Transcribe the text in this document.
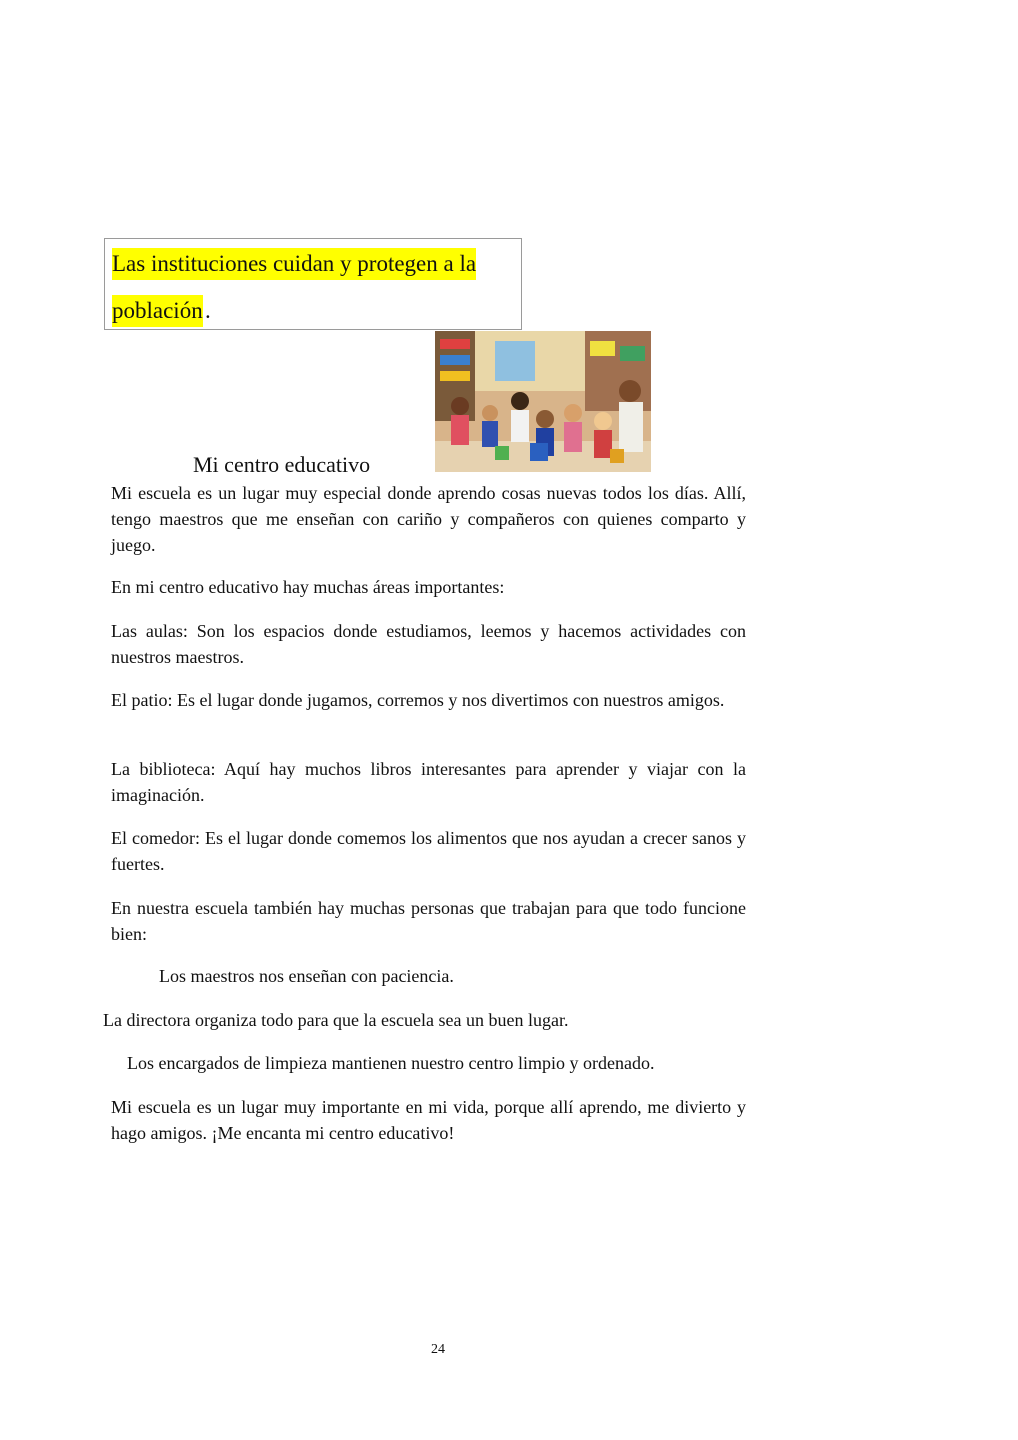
Las instituciones cuidan y protegen a la
población .
Mi centro educativo
Mi escuela es un lugar muy especial donde aprendo cosas nuevas todos los días. Allí, tengo maestros que me enseñan con cariño y compañeros con quienes comparto y juego.
En mi centro educativo hay muchas áreas importantes:
Las aulas: Son los espacios donde estudiamos, leemos y hacemos actividades con nuestros maestros.
El patio: Es el lugar donde jugamos, corremos y nos divertimos con nuestros amigos.
La biblioteca: Aquí hay muchos libros interesantes para aprender y viajar con la imaginación.
El comedor: Es el lugar donde comemos los alimentos que nos ayudan a crecer sanos y fuertes.
En nuestra escuela también hay muchas personas que trabajan para que todo funcione bien:
Los maestros nos enseñan con paciencia.
La directora organiza todo para que la escuela sea un buen lugar.
Los encargados de limpieza mantienen nuestro centro limpio y ordenado.
Mi escuela es un lugar muy importante en mi vida, porque allí aprendo, me divierto y hago amigos. ¡Me encanta mi centro educativo!
24
